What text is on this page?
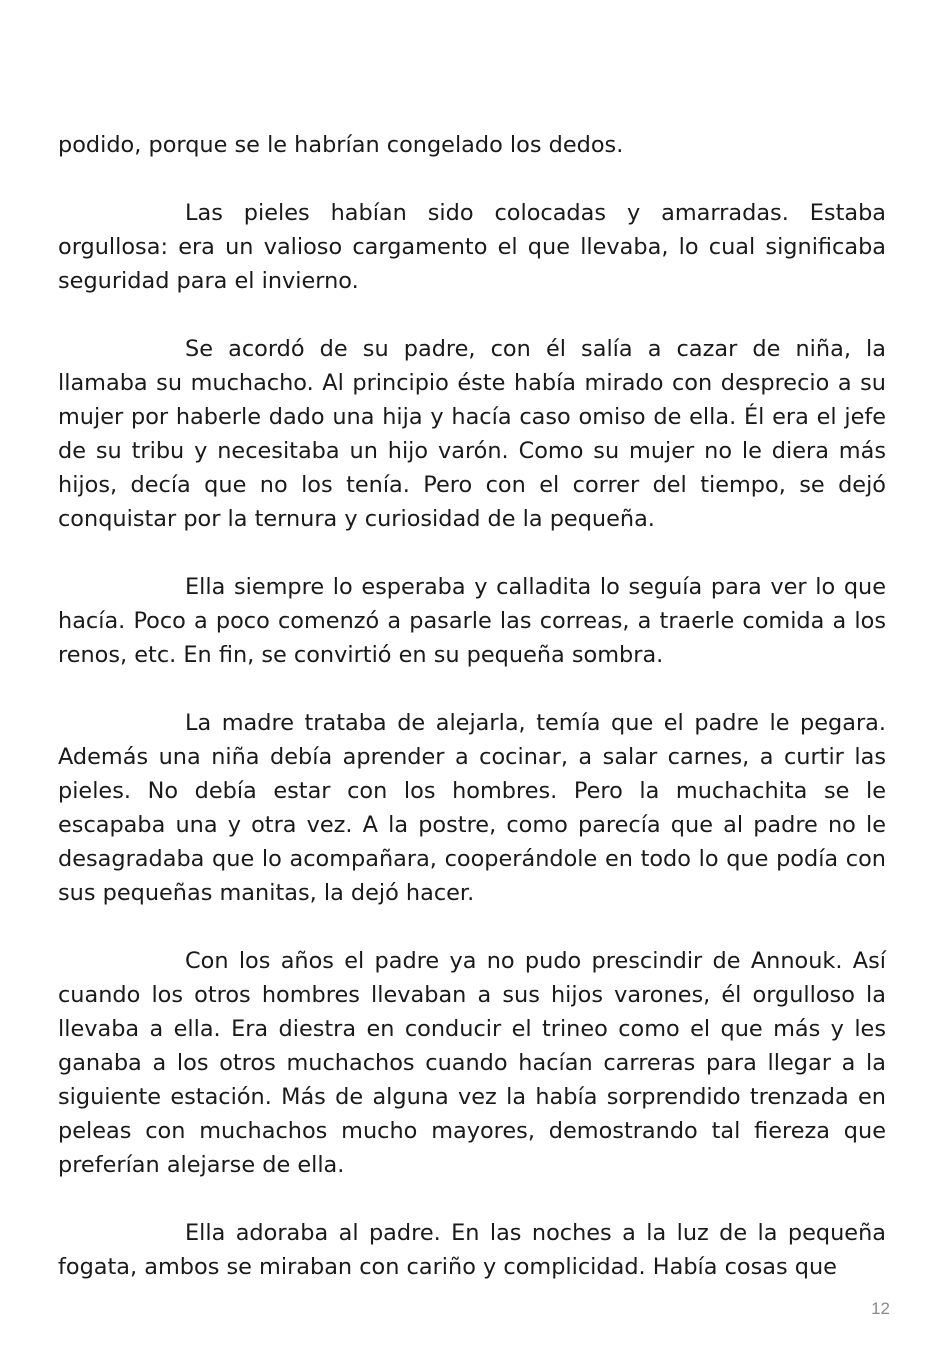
podido, porque se le habrían congelado los dedos.

Las pieles habían sido colocadas y amarradas. Estaba orgullosa: era un valioso cargamento el que llevaba, lo cual significaba seguridad para el invierno.

Se acordó de su padre, con él salía a cazar de niña, la llamaba su muchacho. Al principio éste había mirado con desprecio a su mujer por haberle dado una hija y hacía caso omiso de ella. Él era el jefe de su tribu y necesitaba un hijo varón. Como su mujer no le diera más hijos, decía que no los tenía. Pero con el correr del tiempo, se dejó conquistar por la ternura y curiosidad de la pequeña.

Ella siempre lo esperaba y calladita lo seguía para ver lo que hacía. Poco a poco comenzó a pasarle las correas, a traerle comida a los renos, etc. En fin, se convirtió en su pequeña sombra.

La madre trataba de alejarla, temía que el padre le pegara. Además una niña debía aprender a cocinar, a salar carnes, a curtir las pieles. No debía estar con los hombres. Pero la muchachita se le escapaba una y otra vez. A la postre, como parecía que al padre no le desagradaba que lo acompañara, cooperándole en todo lo que podía con sus pequeñas manitas, la dejó hacer.

Con los años el padre ya no pudo prescindir de Annouk. Así cuando los otros hombres llevaban a sus hijos varones, él orgulloso la llevaba a ella. Era diestra en conducir el trineo como el que más y les ganaba a los otros muchachos cuando hacían carreras para llegar a la siguiente estación. Más de alguna vez la había sorprendido trenzada en peleas con muchachos mucho mayores, demostrando tal fiereza que preferían alejarse de ella.

Ella adoraba al padre. En las noches a la luz de la pequeña fogata, ambos se miraban con cariño y complicidad. Había cosas que

12
